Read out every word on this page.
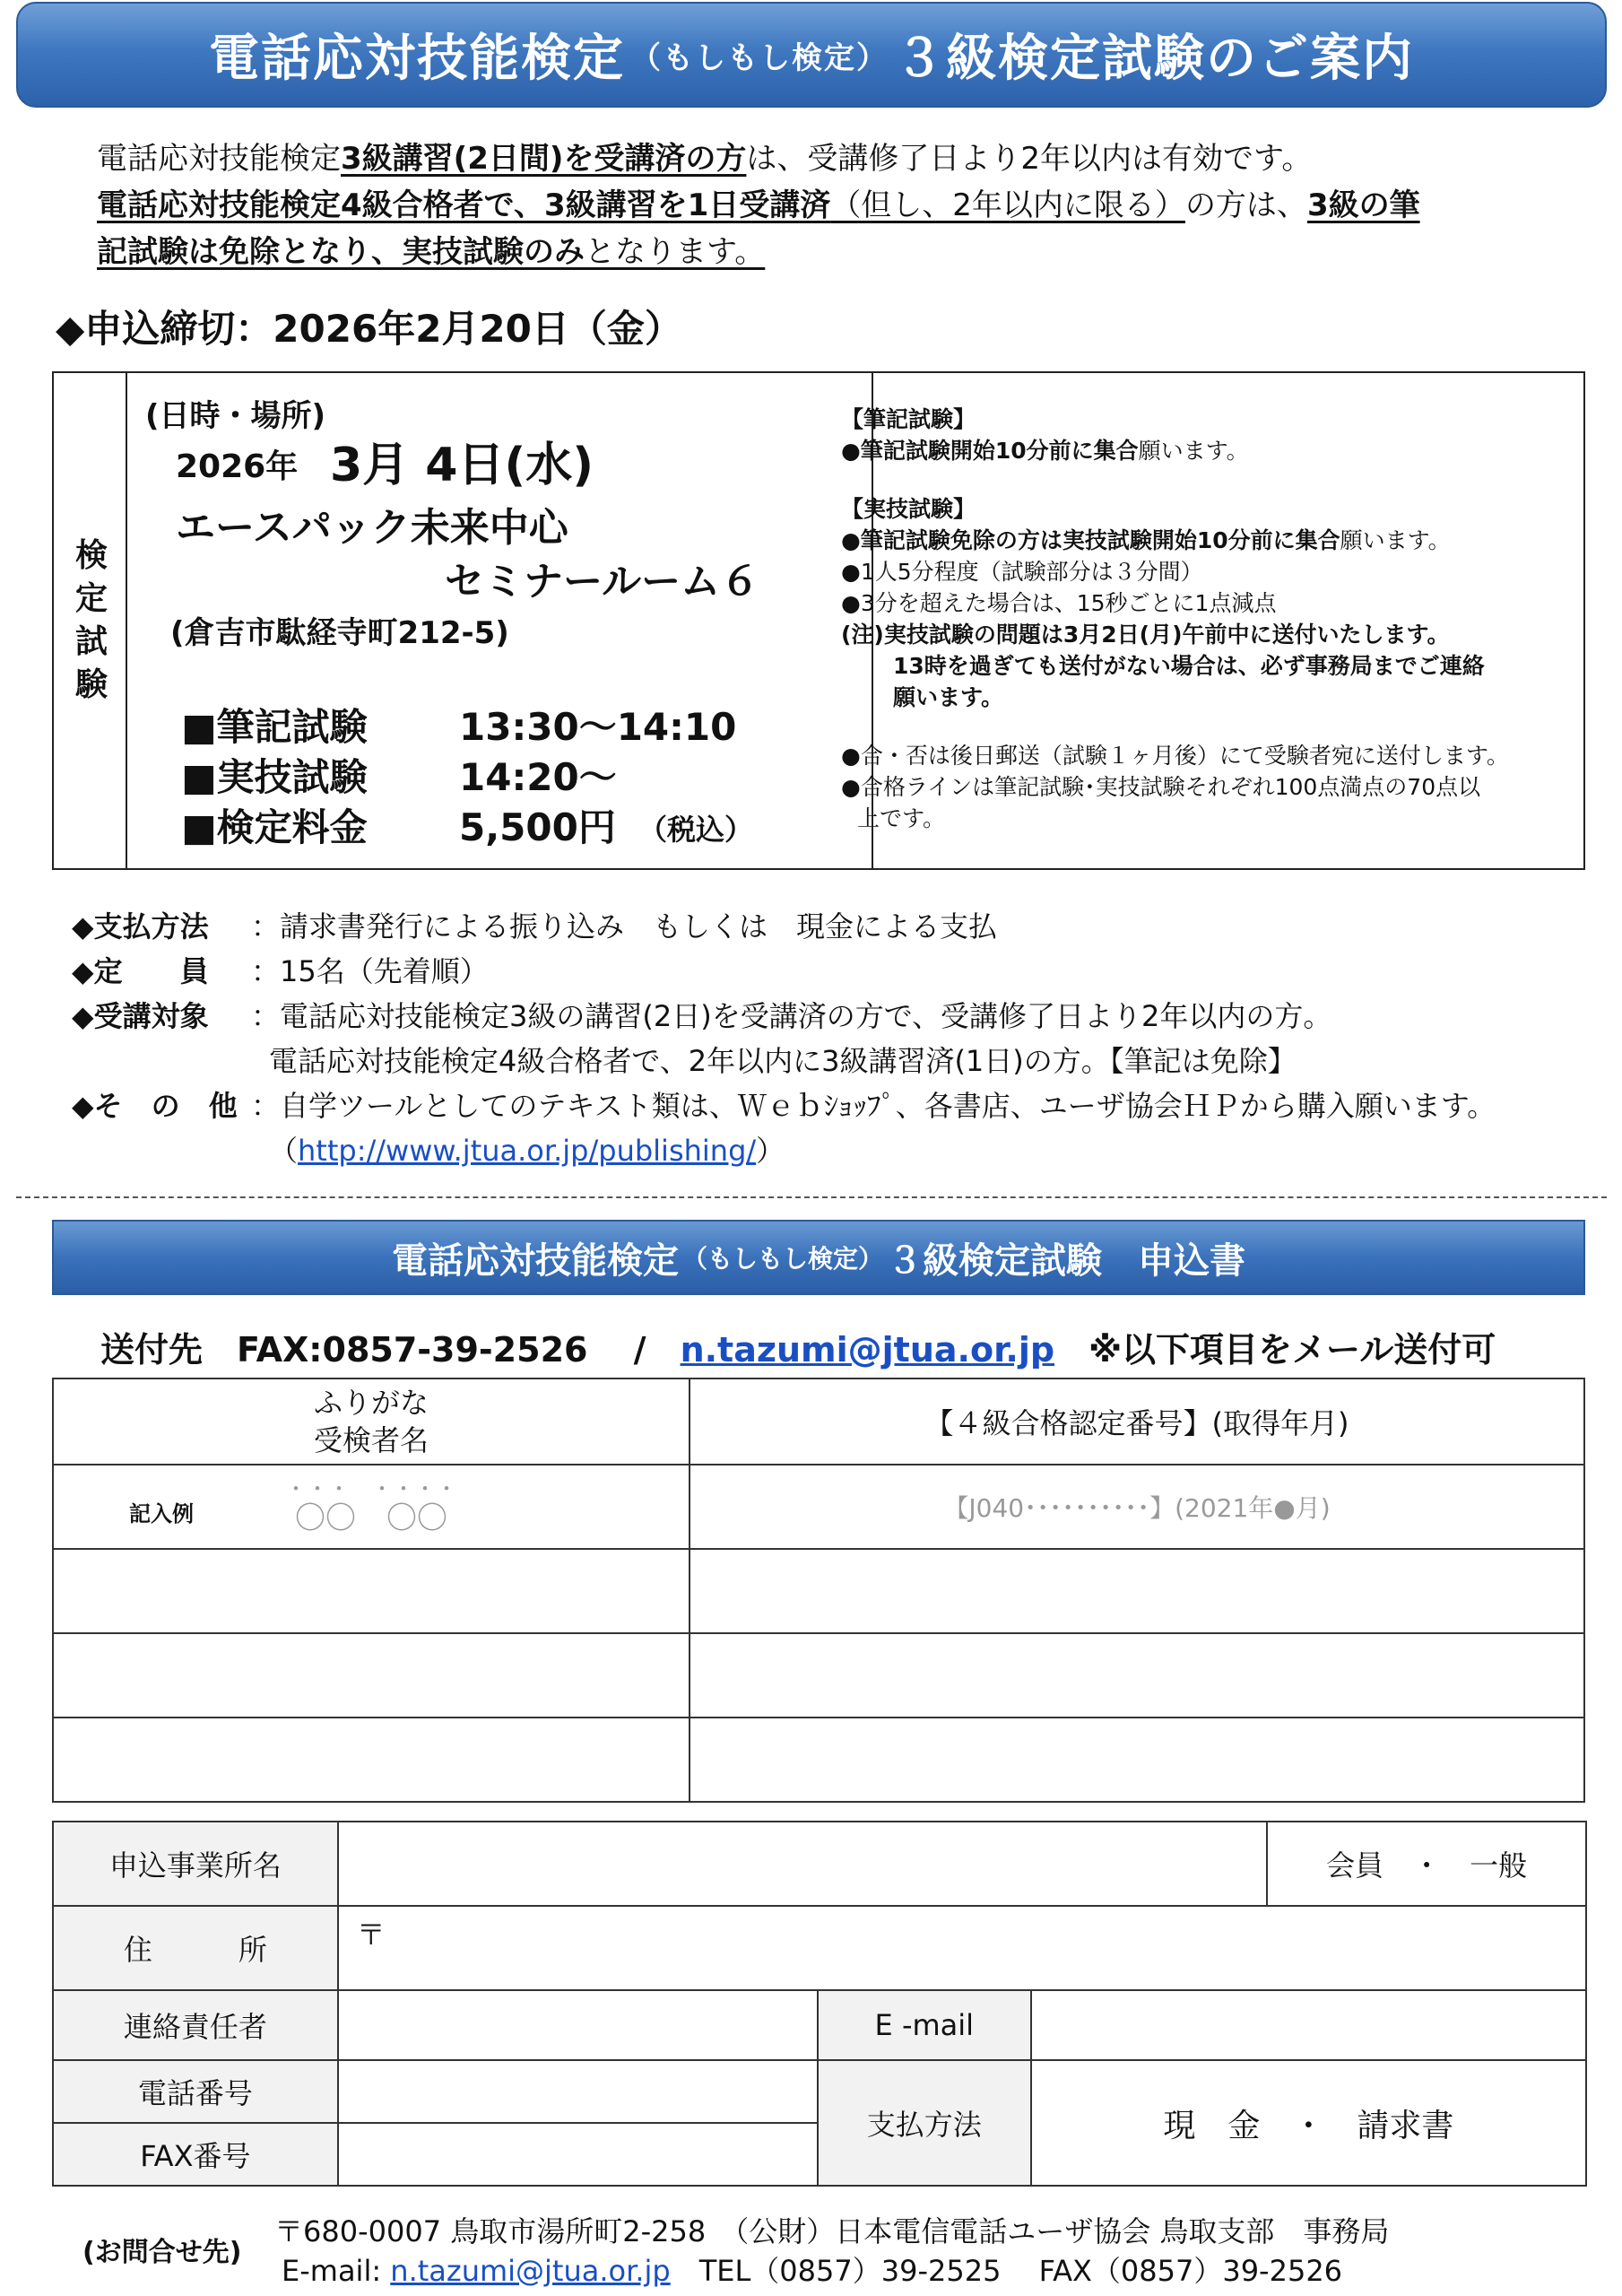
電話応対技能検定 （もしもし検定） ３級検定試験のご案内
電話応対技能検定3級講習(2日間)を受講済の方は、受講修了日より2年以内は有効です。
電話応対技能検定4級合格者で、3級講習を1日受講済（但し、2年以内に限る）の方は、3級の筆
記試験は免除となり、実技試験のみとなります。
◆申込締切：2026年2月20日（金）
検
定
試
験
(日時・場所)
2026年 3月 4日(水)
エースパック未来中心
セミナールーム６
(倉吉市駄経寺町212-5)
■筆記試験 13:30～14:10
■実技試験 14:20～
■検定料金 5,500円 （税込）
【筆記試験】
●筆記試験開始10分前に集合願います。
【実技試験】
●筆記試験免除の方は実技試験開始10分前に集合願います。
●1人5分程度（試験部分は３分間）
●3分を超えた場合は、15秒ごとに1点減点
(注)実技試験の問題は3月2日(月)午前中に送付いたします。
13時を過ぎても送付がない場合は、必ず事務局までご連絡
願います。
●合・否は後日郵送（試験１ヶ月後）にて受験者宛に送付します。
●合格ラインは筆記試験･実技試験それぞれ100点満点の70点以
上です。
◆支払方法 ：請求書発行による振り込み　もしくは　現金による支払
◆定　　員 ：15名（先着順）
◆受講対象 ：電話応対技能検定3級の講習(2日)を受講済の方で、受講修了日より2年以内の方。
電話応対技能検定4級合格者で、2年以内に3級講習済(1日)の方。【筆記は免除】
◆そ　の　他 ：自学ツールとしてのテキスト類は、Ｗｅｂｼｮｯﾌﾟ、各書店、ユーザ協会ＨＰから購入願います。
（http://www.jtua.or.jp/publishing/）
電話応対技能検定 （もしもし検定） ３級検定試験　申込書
送付先　FAX:0857-39-2526　 /　n.tazumi@jtua.or.jp　※以下項目をメール送付可
ふりがな
受検者名	【４級合格認定番号】(取得年月)

記入例
・・・　・・・・
〇〇　〇〇	【J040･･････････】(2021年●月)

申込事業所名				会員　・　一般
住　　　所	〒			
連絡責任者		E -mail		
電話番号		支払方法	現　金　・　請求書	
FAX番号				
(お問合せ先)
〒680-0007 鳥取市湯所町2-258　（公財）日本電信電話ユーザ協会 鳥取支部　事務局
E-mail: n.tazumi@jtua.or.jp　TEL（0857）39-2525　 FAX（0857）39-2526
